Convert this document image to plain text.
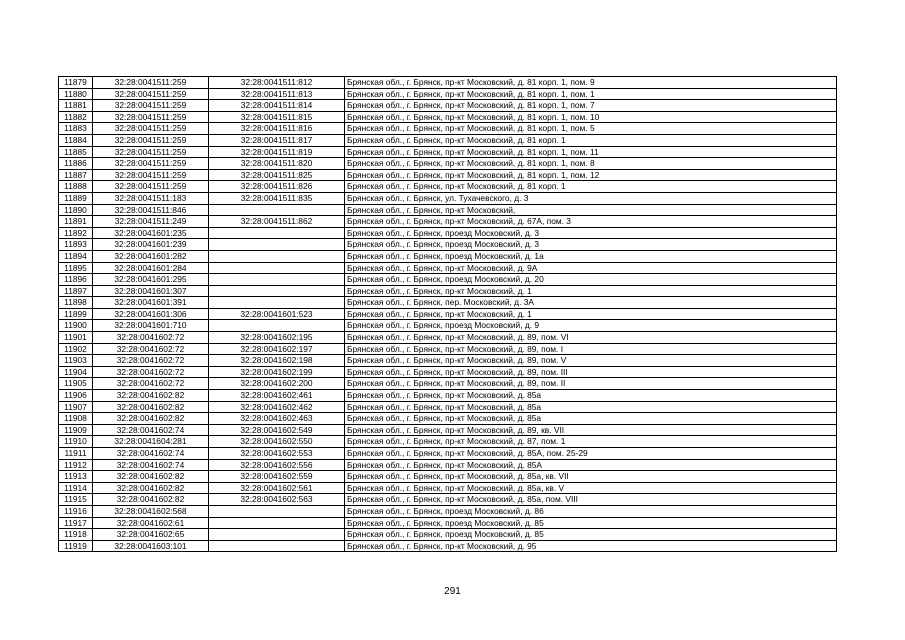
11879	32:28:0041511:259	32:28:0041511:812	Брянская обл., г. Брянск, пр-кт Московский, д. 81 корп. 1, пом. 9
11880	32:28:0041511:259	32:28:0041511:813	Брянская обл., г. Брянск, пр-кт Московский, д. 81 корп. 1, пом. 1
11881	32:28:0041511:259	32:28:0041511:814	Брянская обл., г. Брянск, пр-кт Московский, д. 81 корп. 1, пом. 7
11882	32:28:0041511:259	32:28:0041511:815	Брянская обл., г. Брянск, пр-кт Московский, д. 81 корп. 1, пом. 10
11883	32:28:0041511:259	32:28:0041511:816	Брянская обл., г. Брянск, пр-кт Московский, д. 81 корп. 1, пом. 5
11884	32:28:0041511:259	32:28:0041511:817	Брянская обл., г. Брянск, пр-кт Московский, д. 81 корп. 1
11885	32:28:0041511:259	32:28:0041511:819	Брянская обл., г. Брянск, пр-кт Московский, д. 81 корп. 1, пом. 11
11886	32:28:0041511:259	32:28:0041511:820	Брянская обл., г. Брянск, пр-кт Московский, д. 81 корп. 1, пом. 8
11887	32:28:0041511:259	32:28:0041511:825	Брянская обл., г. Брянск, пр-кт Московский, д. 81 корп. 1, пом. 12
11888	32:28:0041511:259	32:28:0041511:826	Брянская обл., г. Брянск, пр-кт Московский, д. 81 корп. 1
11889	32:28:0041511:183	32:28:0041511:835	Брянская обл., г. Брянск, ул. Тухачевского, д. 3
11890	32:28:0041511:846		Брянская обл., г. Брянск, пр-кт Московский,
11891	32:28:0041511:249	32:28:0041511:862	Брянская обл., г. Брянск, пр-кт Московский, д. 67А, пом. 3
11892	32:28:0041601:235		Брянская обл., г. Брянск, проезд Московский, д. 3
11893	32:28:0041601:239		Брянская обл., г. Брянск, проезд Московский, д. 3
11894	32:28:0041601:282		Брянская обл., г. Брянск, проезд Московский, д. 1а
11895	32:28:0041601:284		Брянская обл., г. Брянск, пр-кт Московский, д. 9А
11896	32:28:0041601:295		Брянская обл., г. Брянск, проезд Московский, д. 20
11897	32:28:0041601:307		Брянская обл., г. Брянск, пр-кт Московский, д. 1
11898	32:28:0041601:391		Брянская обл., г. Брянск, пер. Московский, д. 3А
11899	32:28:0041601:306	32:28:0041601:523	Брянская обл., г. Брянск, пр-кт Московский, д. 1
11900	32:28:0041601:710		Брянская обл., г. Брянск, проезд Московский, д. 9
11901	32:28:0041602:72	32:28:0041602:195	Брянская обл., г. Брянск, пр-кт Московский, д. 89, пом. VI
11902	32:28:0041602:72	32:28:0041602:197	Брянская обл., г. Брянск, пр-кт Московский, д. 89, пом. I
11903	32:28:0041602:72	32:28:0041602:198	Брянская обл., г. Брянск, пр-кт Московский, д. 89, пом. V
11904	32:28:0041602:72	32:28:0041602:199	Брянская обл., г. Брянск, пр-кт Московский, д. 89, пом. III
11905	32:28:0041602:72	32:28:0041602:200	Брянская обл., г. Брянск, пр-кт Московский, д. 89, пом. II
11906	32:28:0041602:82	32:28:0041602:461	Брянская обл., г. Брянск, пр-кт Московский, д. 85а
11907	32:28:0041602:82	32:28:0041602:462	Брянская обл., г. Брянск, пр-кт Московский, д. 85а
11908	32:28:0041602:82	32:28:0041602:463	Брянская обл., г. Брянск, пр-кт Московский, д. 85а
11909	32:28:0041602:74	32:28:0041602:549	Брянская обл., г. Брянск, пр-кт Московский, д. 89, кв. VII
11910	32:28:0041604:281	32:28:0041602:550	Брянская обл., г. Брянск, пр-кт Московский, д. 87, пом. 1
11911	32:28:0041602:74	32:28:0041602:553	Брянская обл., г. Брянск, пр-кт Московский, д. 85А, пом. 25-29
11912	32:28:0041602:74	32:28:0041602:556	Брянская обл., г. Брянск, пр-кт Московский, д. 85А
11913	32:28:0041602:82	32:28:0041602:559	Брянская обл., г. Брянск, пр-кт Московский, д. 85а, кв. VII
11914	32:28:0041602:82	32:28:0041602:561	Брянская обл., г. Брянск, пр-кт Московский, д. 85а, кв. V
11915	32:28:0041602:82	32:28:0041602:563	Брянская обл., г. Брянск, пр-кт Московский, д. 85а, пом. VIII
11916	32:28:0041602:568		Брянская обл., г. Брянск, проезд Московский, д. 86
11917	32:28:0041602:61		Брянская обл., г. Брянск, проезд Московский, д. 85
11918	32:28:0041602:65		Брянская обл., г. Брянск, проезд Московский, д. 85
11919	32:28:0041603:101		Брянская обл., г. Брянск, пр-кт Московский, д. 95
291
